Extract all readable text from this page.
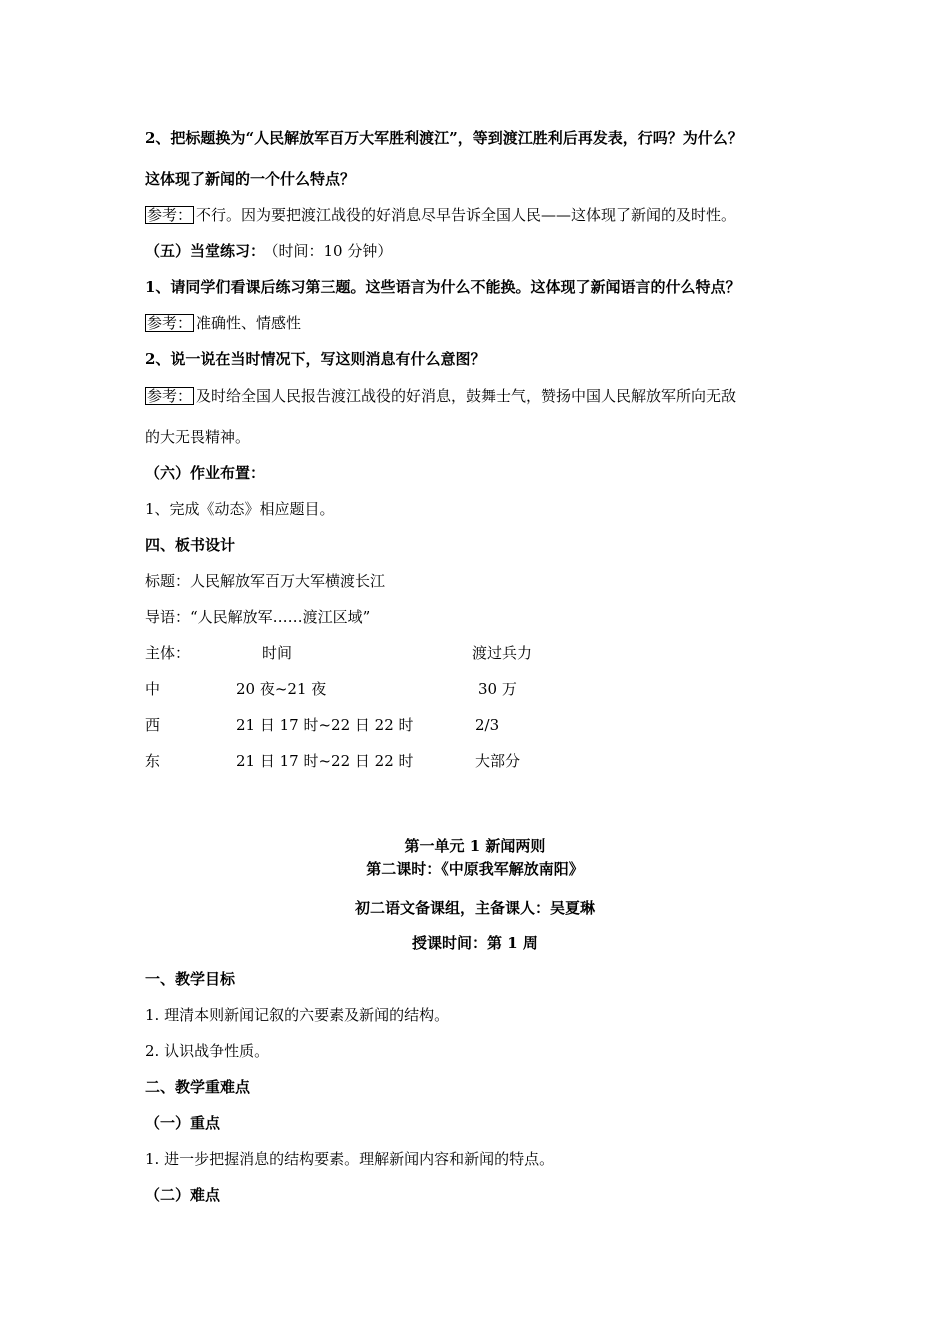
2、把标题换为“人民解放军百万大军胜利渡江”，等到渡江胜利后再发表，行吗？为什么？
这体现了新闻的一个什么特点？
参考： 不行。因为要把渡江战役的好消息尽早告诉全国人民——这体现了新闻的及时性。
（五）当堂练习： （时间：10 分钟）
1、请同学们看课后练习第三题。这些语言为什么不能换。这体现了新闻语言的什么特点？
参考： 准确性、情感性
2、说一说在当时情况下，写这则消息有什么意图？
参考： 及时给全国人民报告渡江战役的好消息，鼓舞士气，赞扬中国人民解放军所向无敌
的大无畏精神。
（六）作业布置：
1、完成《动态》相应题目。
四、板书设计
标题：人民解放军百万大军横渡长江
导语：“人民解放军……渡江区域”
主体：	时间	渡过兵力
中	20 夜~21 夜	30 万
西	21 日 17 时~22 日 22 时	2/3
东	21 日 17 时~22 日 22 时	大部分
第一单元 1 新闻两则
第二课时：《中原我军解放南阳》
初二语文备课组，主备课人：吴夏琳
授课时间：第 1 周
一、教学目标
1. 理清本则新闻记叙的六要素及新闻的结构。
2. 认识战争性质。
二、教学重难点
（一）重点
1. 进一步把握消息的结构要素。理解新闻内容和新闻的特点。
（二）难点
